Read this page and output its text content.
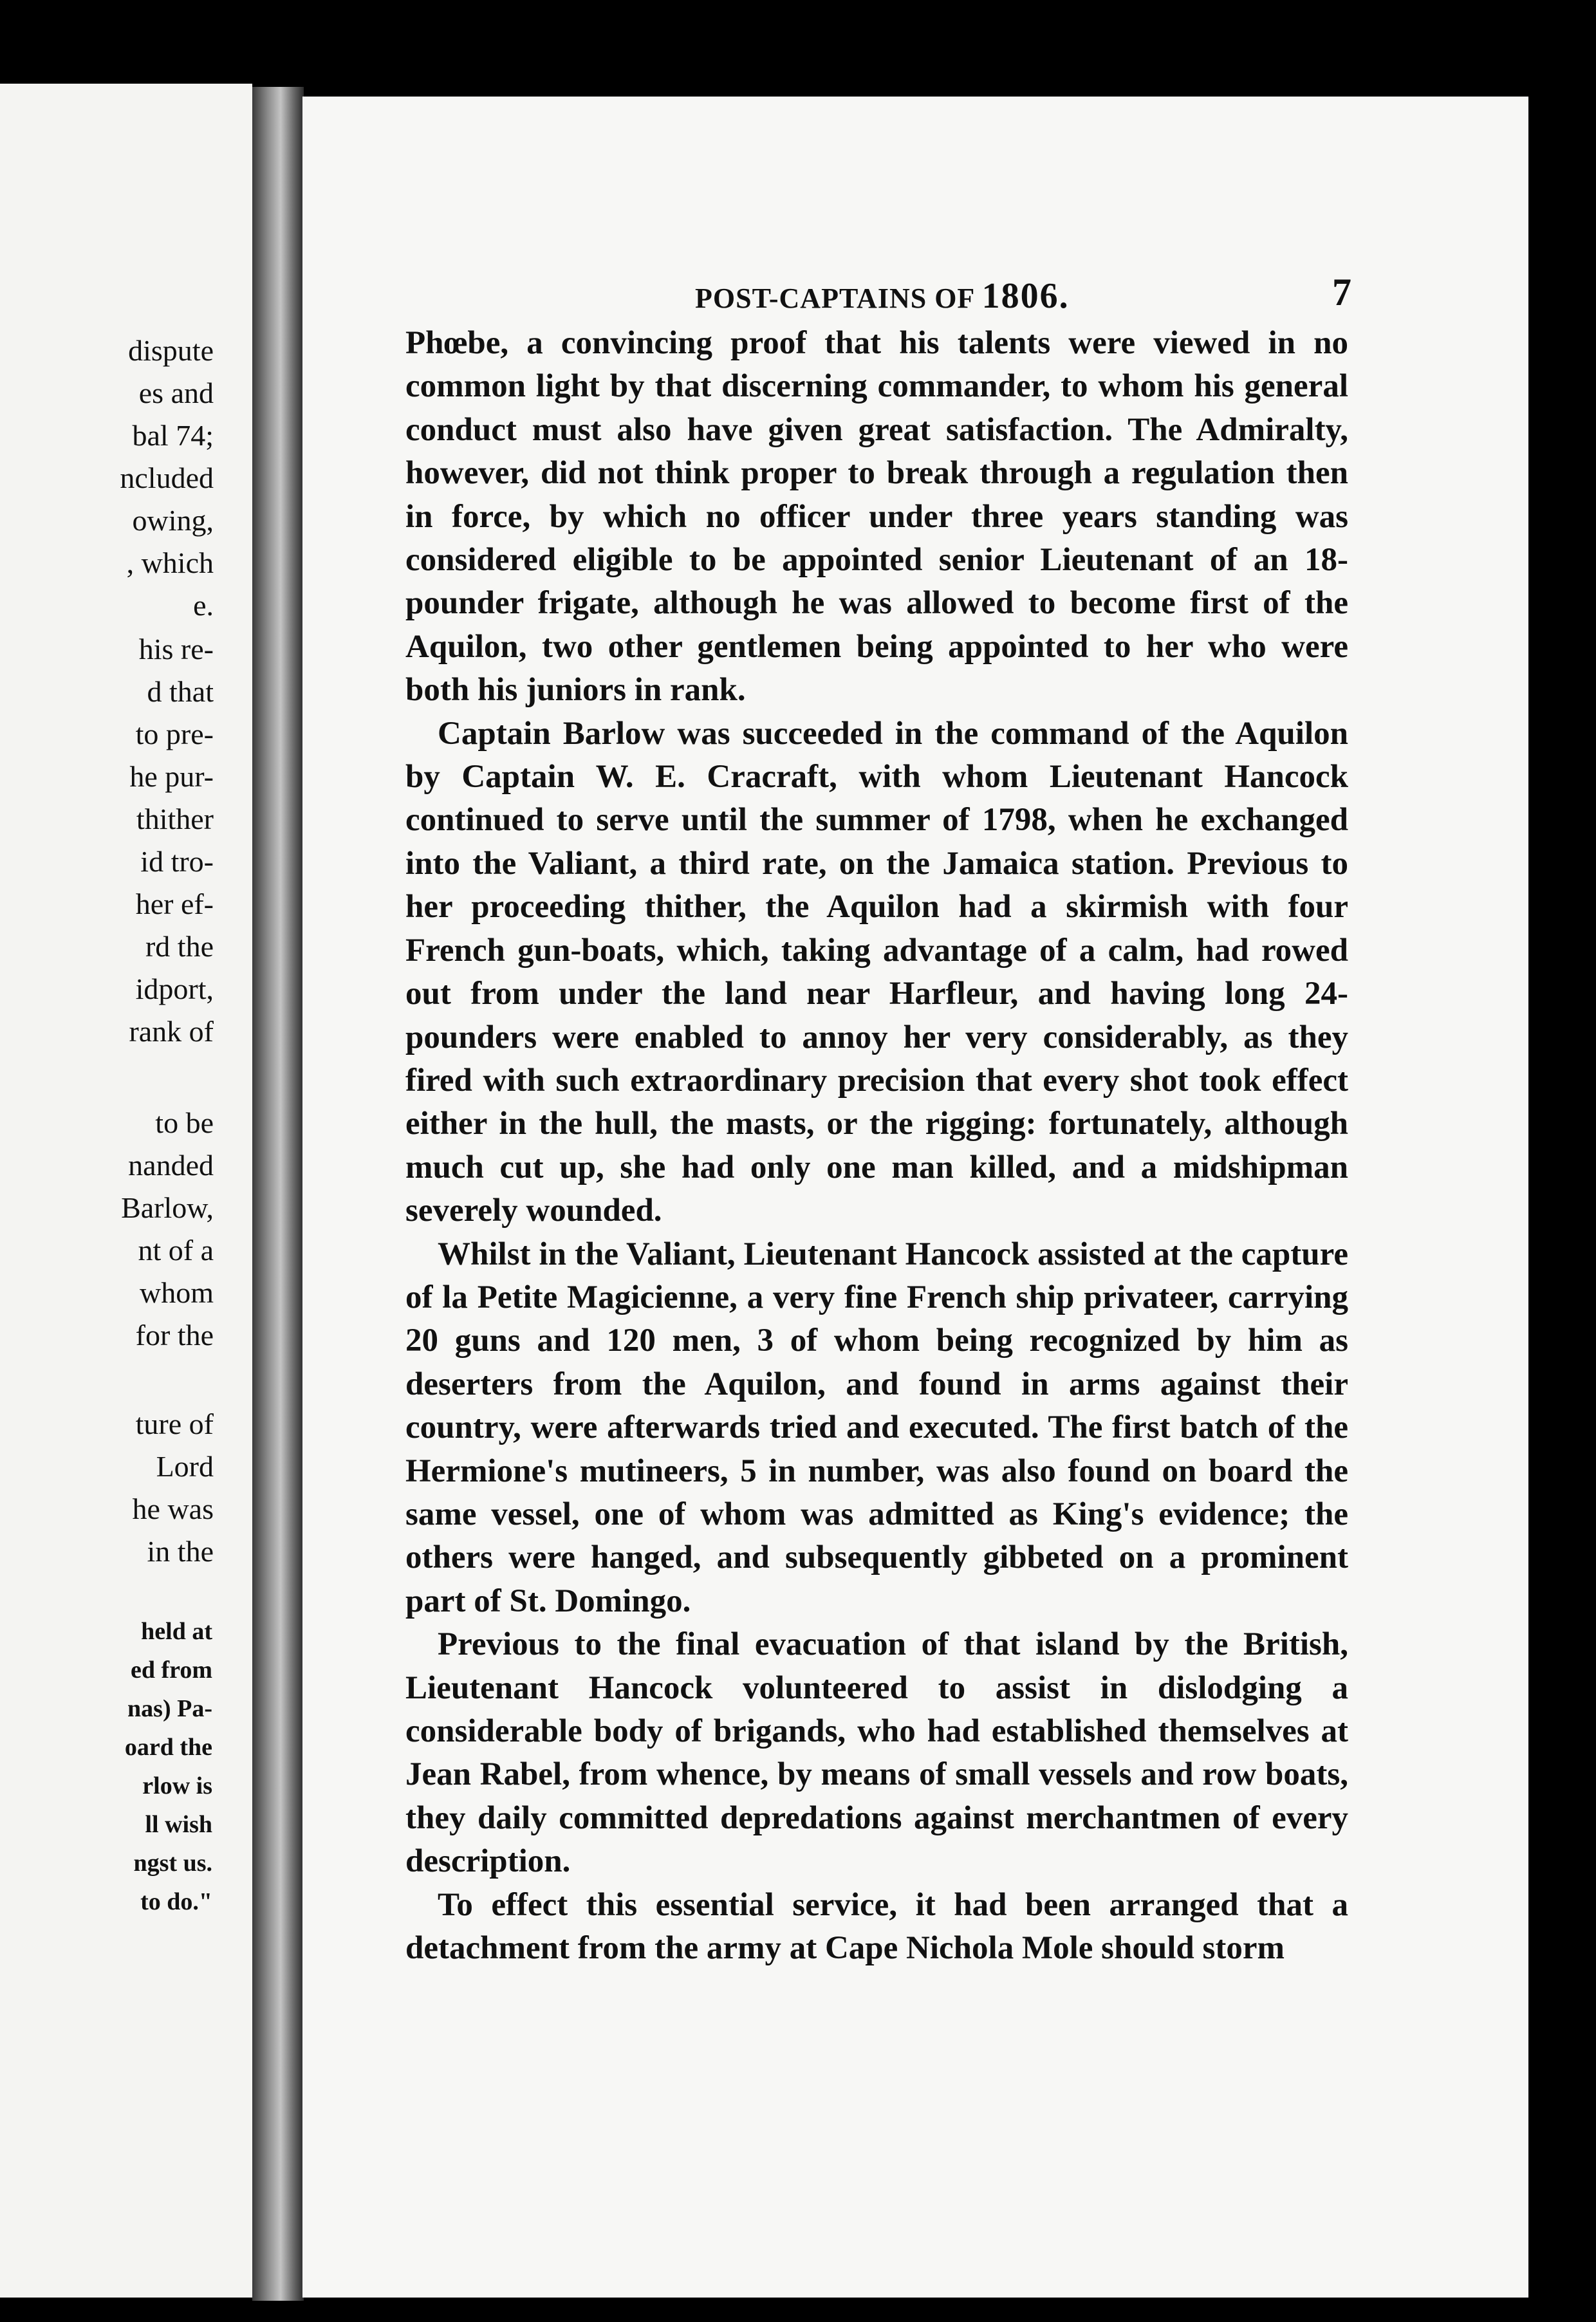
dispute
es and
bal 74;
ncluded
owing,
, which
e.
his re-
d that
to pre-
he pur-
thither
id tro-
her ef-
rd the
idport,
rank of
to be
nanded
Barlow,
nt of a
whom
for the
ture of
Lord
he was
in the
held at
ed from
nas) Pa-
oard the
rlow is
ll wish
ngst us.
to do."
POST-CAPTAINS OF 1806.	7

Phœbe, a convincing proof that his talents were viewed in no common light by that discerning commander, to whom his general conduct must also have given great satisfaction. The Admiralty, however, did not think proper to break through a regulation then in force, by which no officer under three years standing was considered eligible to be appointed senior Lieutenant of an 18-pounder frigate, although he was allowed to become first of the Aquilon, two other gentlemen being appointed to her who were both his juniors in rank.

Captain Barlow was succeeded in the command of the Aquilon by Captain W. E. Cracraft, with whom Lieutenant Hancock continued to serve until the summer of 1798, when he exchanged into the Valiant, a third rate, on the Jamaica station. Previous to her proceeding thither, the Aquilon had a skirmish with four French gun-boats, which, taking advantage of a calm, had rowed out from under the land near Harfleur, and having long 24-pounders were enabled to annoy her very considerably, as they fired with such extraordinary precision that every shot took effect either in the hull, the masts, or the rigging: fortunately, although much cut up, she had only one man killed, and a midshipman severely wounded.

Whilst in the Valiant, Lieutenant Hancock assisted at the capture of la Petite Magicienne, a very fine French ship privateer, carrying 20 guns and 120 men, 3 of whom being recognized by him as deserters from the Aquilon, and found in arms against their country, were afterwards tried and executed. The first batch of the Hermione's mutineers, 5 in number, was also found on board the same vessel, one of whom was admitted as King's evidence; the others were hanged, and subsequently gibbeted on a prominent part of St. Domingo.

Previous to the final evacuation of that island by the British, Lieutenant Hancock volunteered to assist in dislodging a considerable body of brigands, who had established themselves at Jean Rabel, from whence, by means of small vessels and row boats, they daily committed depredations against merchantmen of every description.

To effect this essential service, it had been arranged that a detachment from the army at Cape Nichola Mole should storm
